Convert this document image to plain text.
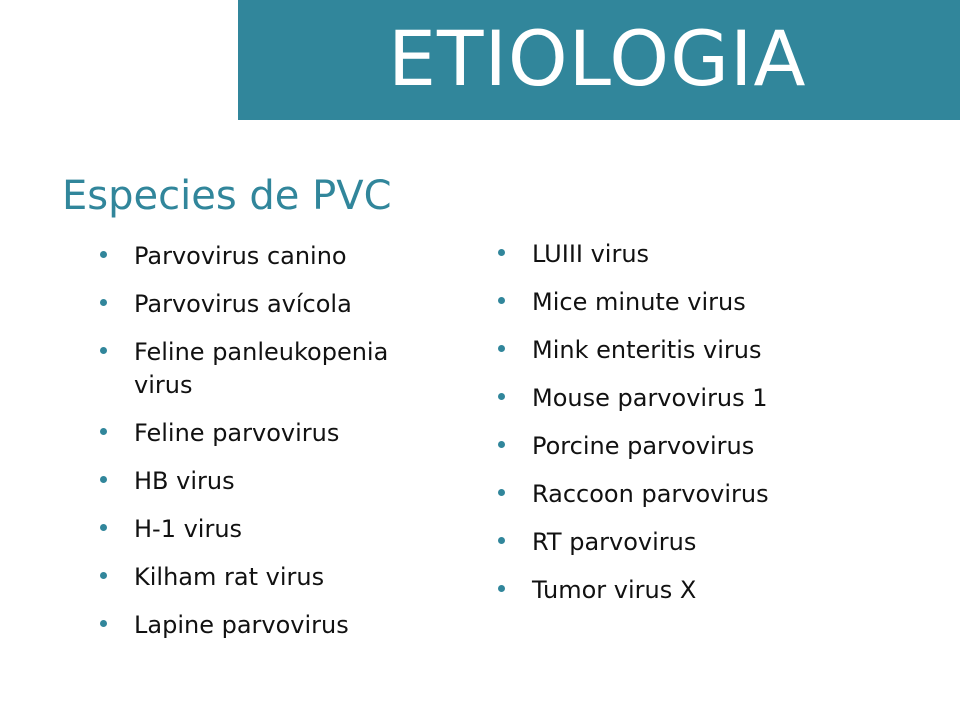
ETIOLOGIA
Especies de PVC
Parvovirus canino
Parvovirus avícola
Feline panleukopenia virus
Feline parvovirus
HB virus
H-1 virus
Kilham rat virus
Lapine parvovirus
LUIII virus
Mice minute virus
Mink enteritis virus
Mouse parvovirus 1
Porcine parvovirus
Raccoon parvovirus
RT parvovirus
Tumor virus X
